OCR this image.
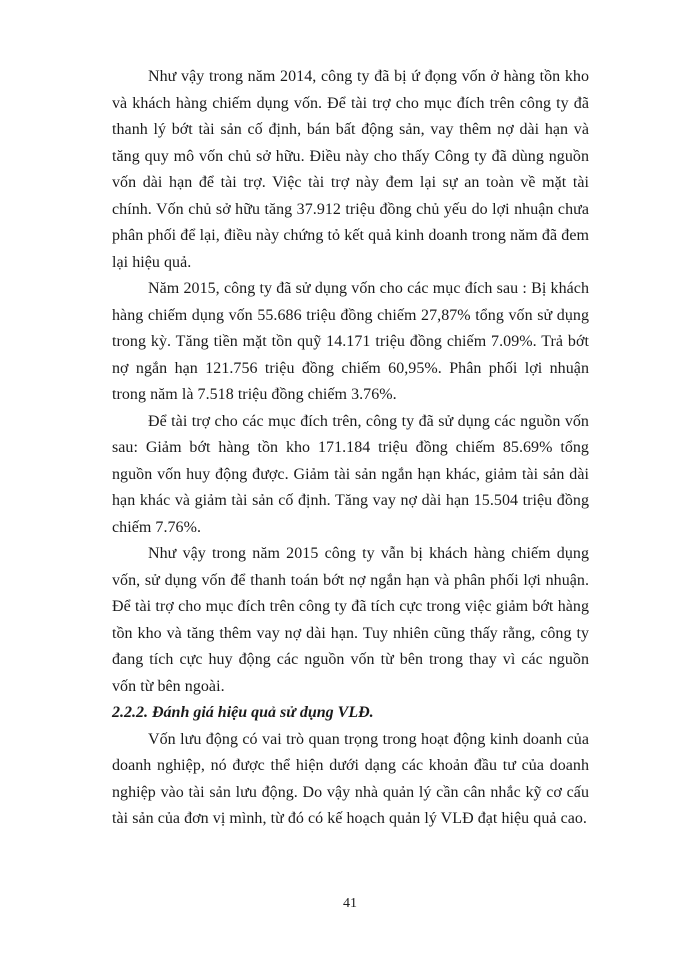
Như vậy trong năm 2014, công ty đã bị ứ đọng vốn ở hàng tồn kho và khách hàng chiếm dụng vốn. Để tài trợ cho mục đích trên công ty đã thanh lý bớt tài sản cố định, bán bất động sản, vay thêm nợ dài hạn và tăng quy mô vốn chủ sở hữu. Điều này cho thấy Công ty đã dùng nguồn vốn dài hạn để tài trợ. Việc tài trợ này đem lại sự an toàn về mặt tài chính. Vốn chủ sở hữu tăng 37.912 triệu đồng chủ yếu do lợi nhuận chưa phân phối để lại, điều này chứng tỏ kết quả kinh doanh trong năm đã đem lại hiệu quả.

Năm 2015, công ty đã sử dụng vốn cho các mục đích sau : Bị khách hàng chiếm dụng vốn 55.686 triệu đồng chiếm 27,87% tổng vốn sử dụng trong kỳ. Tăng tiền mặt tồn quỹ 14.171 triệu đồng chiếm 7.09%. Trả bớt nợ ngắn hạn 121.756 triệu đồng chiếm 60,95%. Phân phối lợi nhuận trong năm là 7.518 triệu đồng chiếm 3.76%.

Để tài trợ cho các mục đích trên, công ty đã sử dụng các nguồn vốn sau: Giảm bớt hàng tồn kho 171.184 triệu đồng chiếm 85.69% tổng nguồn vốn huy động được. Giảm tài sản ngắn hạn khác, giảm tài sản dài hạn khác và giảm tài sản cố định. Tăng vay nợ dài hạn 15.504 triệu đồng chiếm 7.76%.

Như vậy trong năm 2015 công ty vẫn bị khách hàng chiếm dụng vốn, sử dụng vốn để thanh toán bớt nợ ngắn hạn và phân phối lợi nhuận. Để tài trợ cho mục đích trên công ty đã tích cực trong việc giảm bớt hàng tồn kho và tăng thêm vay nợ dài hạn. Tuy nhiên cũng thấy rằng, công ty đang tích cực huy động các nguồn vốn từ bên trong thay vì các nguồn vốn từ bên ngoài.

2.2.2. Đánh giá hiệu quả sử dụng VLĐ.

Vốn lưu động có vai trò quan trọng trong hoạt động kinh doanh của doanh nghiệp, nó được thể hiện dưới dạng các khoản đầu tư của doanh nghiệp vào tài sản lưu động. Do vậy nhà quản lý cần cân nhắc kỹ cơ cấu tài sản của đơn vị mình, từ đó có kế hoạch quản lý VLĐ đạt hiệu quả cao.

41
